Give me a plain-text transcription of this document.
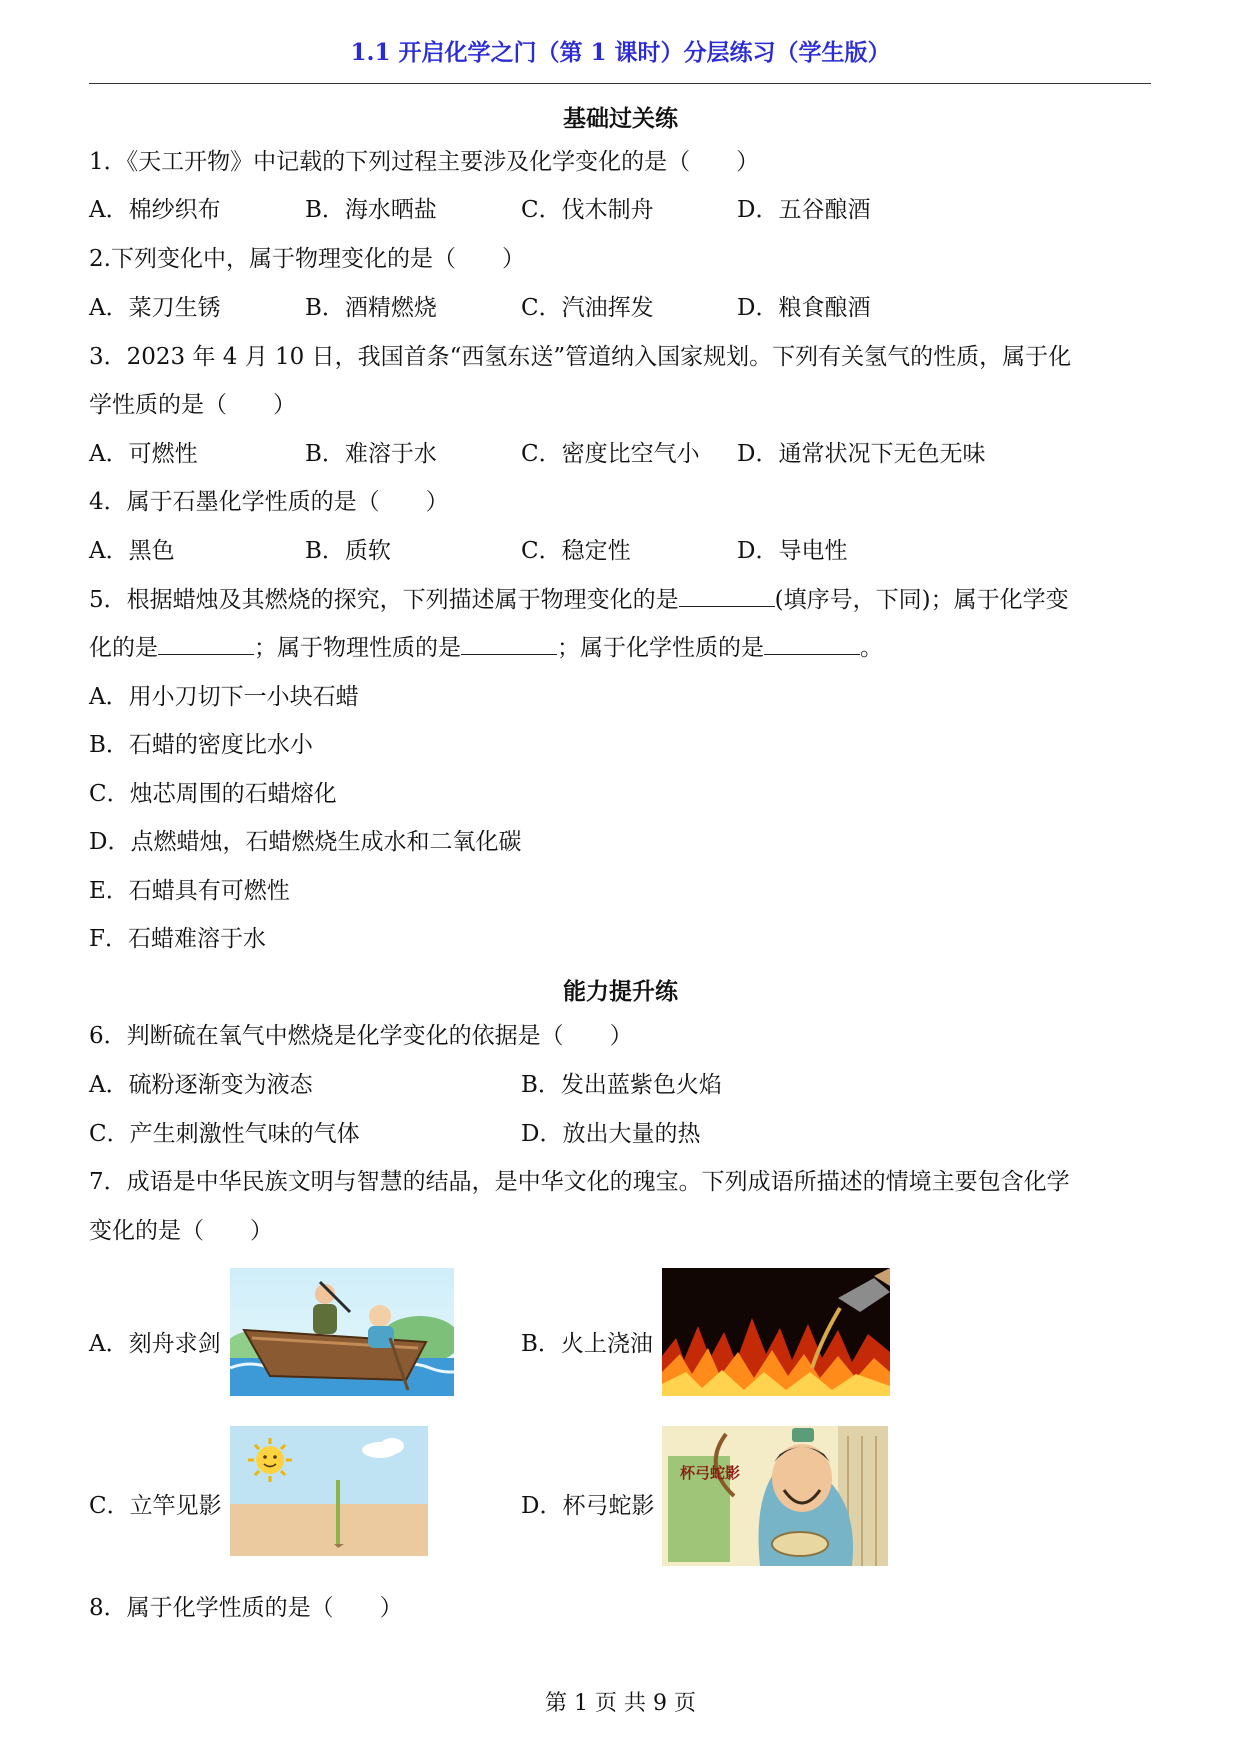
1.1 开启化学之门（第 1 课时）分层练习（学生版）
基础过关练
1．《天工开物》中记载的下列过程主要涉及化学变化的是（　　）
A．棉纱织布	B．海水晒盐	C．伐木制舟	D．五谷酿酒
2.下列变化中，属于物理变化的是（　　）
A．菜刀生锈	B．酒精燃烧	C．汽油挥发	D．粮食酿酒
3．2023 年 4 月 10 日，我国首条“西氢东送”管道纳入国家规划。下列有关氢气的性质，属于化
学性质的是（　　）
A．可燃性	B．难溶于水	C．密度比空气小 D．通常状况下无色无味
4．属于石墨化学性质的是（　　）
A．黑色	B．质软	C．稳定性	D．导电性
5．根据蜡烛及其燃烧的探究，下列描述属于物理变化的是	(填序号，下同)；属于化学变
化的是	；属于物理性质的是	；属于化学性质的是	。
A．用小刀切下一小块石蜡
B．石蜡的密度比水小
C．烛芯周围的石蜡熔化
D．点燃蜡烛，石蜡燃烧生成水和二氧化碳
E．石蜡具有可燃性
F．石蜡难溶于水
能力提升练
6．判断硫在氧气中燃烧是化学变化的依据是（　　）
A．硫粉逐渐变为液态	B．发出蓝紫色火焰
C．产生刺激性气味的气体	D．放出大量的热
7．成语是中华民族文明与智慧的结晶，是中华文化的瑰宝。下列成语所描述的情境主要包含化学
变化的是（　　）
A．刻舟求剑	B．火上浇油
C．立竿见影	D．杯弓蛇影
杯弓蛇影
8．属于化学性质的是（　　）
第 1 页 共 9 页
